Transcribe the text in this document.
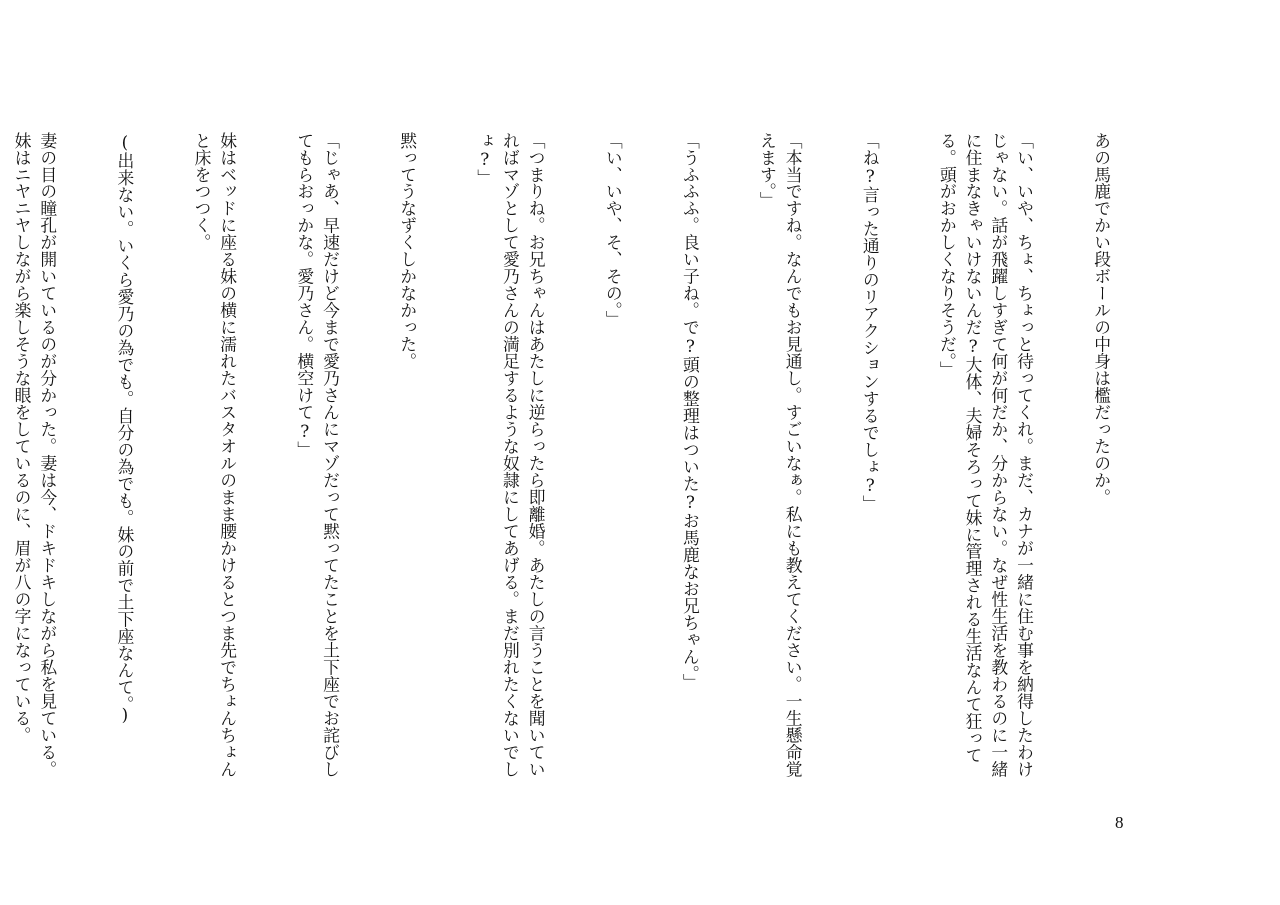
あの馬鹿でかい段ボールの中身は檻だったのか。

「い、いや、ちょ、ちょっと待ってくれ。まだ、カナが一緒に住む事を納得したわけじゃない。話が飛躍しすぎて何が何だか、分からない。なぜ性生活を教わるのに一緒に住まなきゃいけないんだ?大体、夫婦そろって妹に管理される生活なんて狂ってる。頭がおかしくなりそうだ。」

「ね?言った通りのリアクションするでしょ?」

「本当ですね。なんでもお見通し。すごいなぁ。私にも教えてください。一生懸命覚えます。」

「うふふふ。良い子ね。で?頭の整理はついた?お馬鹿なお兄ちゃん。」

「い、いや、そ、その。」

「つまりね。お兄ちゃんはあたしに逆らったら即離婚。あたしの言うことを聞いていればマゾとして愛乃さんの満足するような奴隷にしてあげる。まだ別れたくないでしょ?」

黙ってうなずくしかなかった。

「じゃあ、早速だけど今まで愛乃さんにマゾだって黙ってたことを土下座でお詫びしてもらおっかな。愛乃さん。横空けて?」

妹はベッドに座る妹の横に濡れたバスタオルのまま腰かけるとつま先でちょんちょんと床をつつく。

(出来ない。いくら愛乃の為でも。自分の為でも。妹の前で土下座なんて。)

妻の目の瞳孔が開いているのが分かった。妻は今、ドキドキしながら私を見ている。妹はニヤニヤしながら楽しそうな眼をしているのに、眉が八の字になっている。

8
